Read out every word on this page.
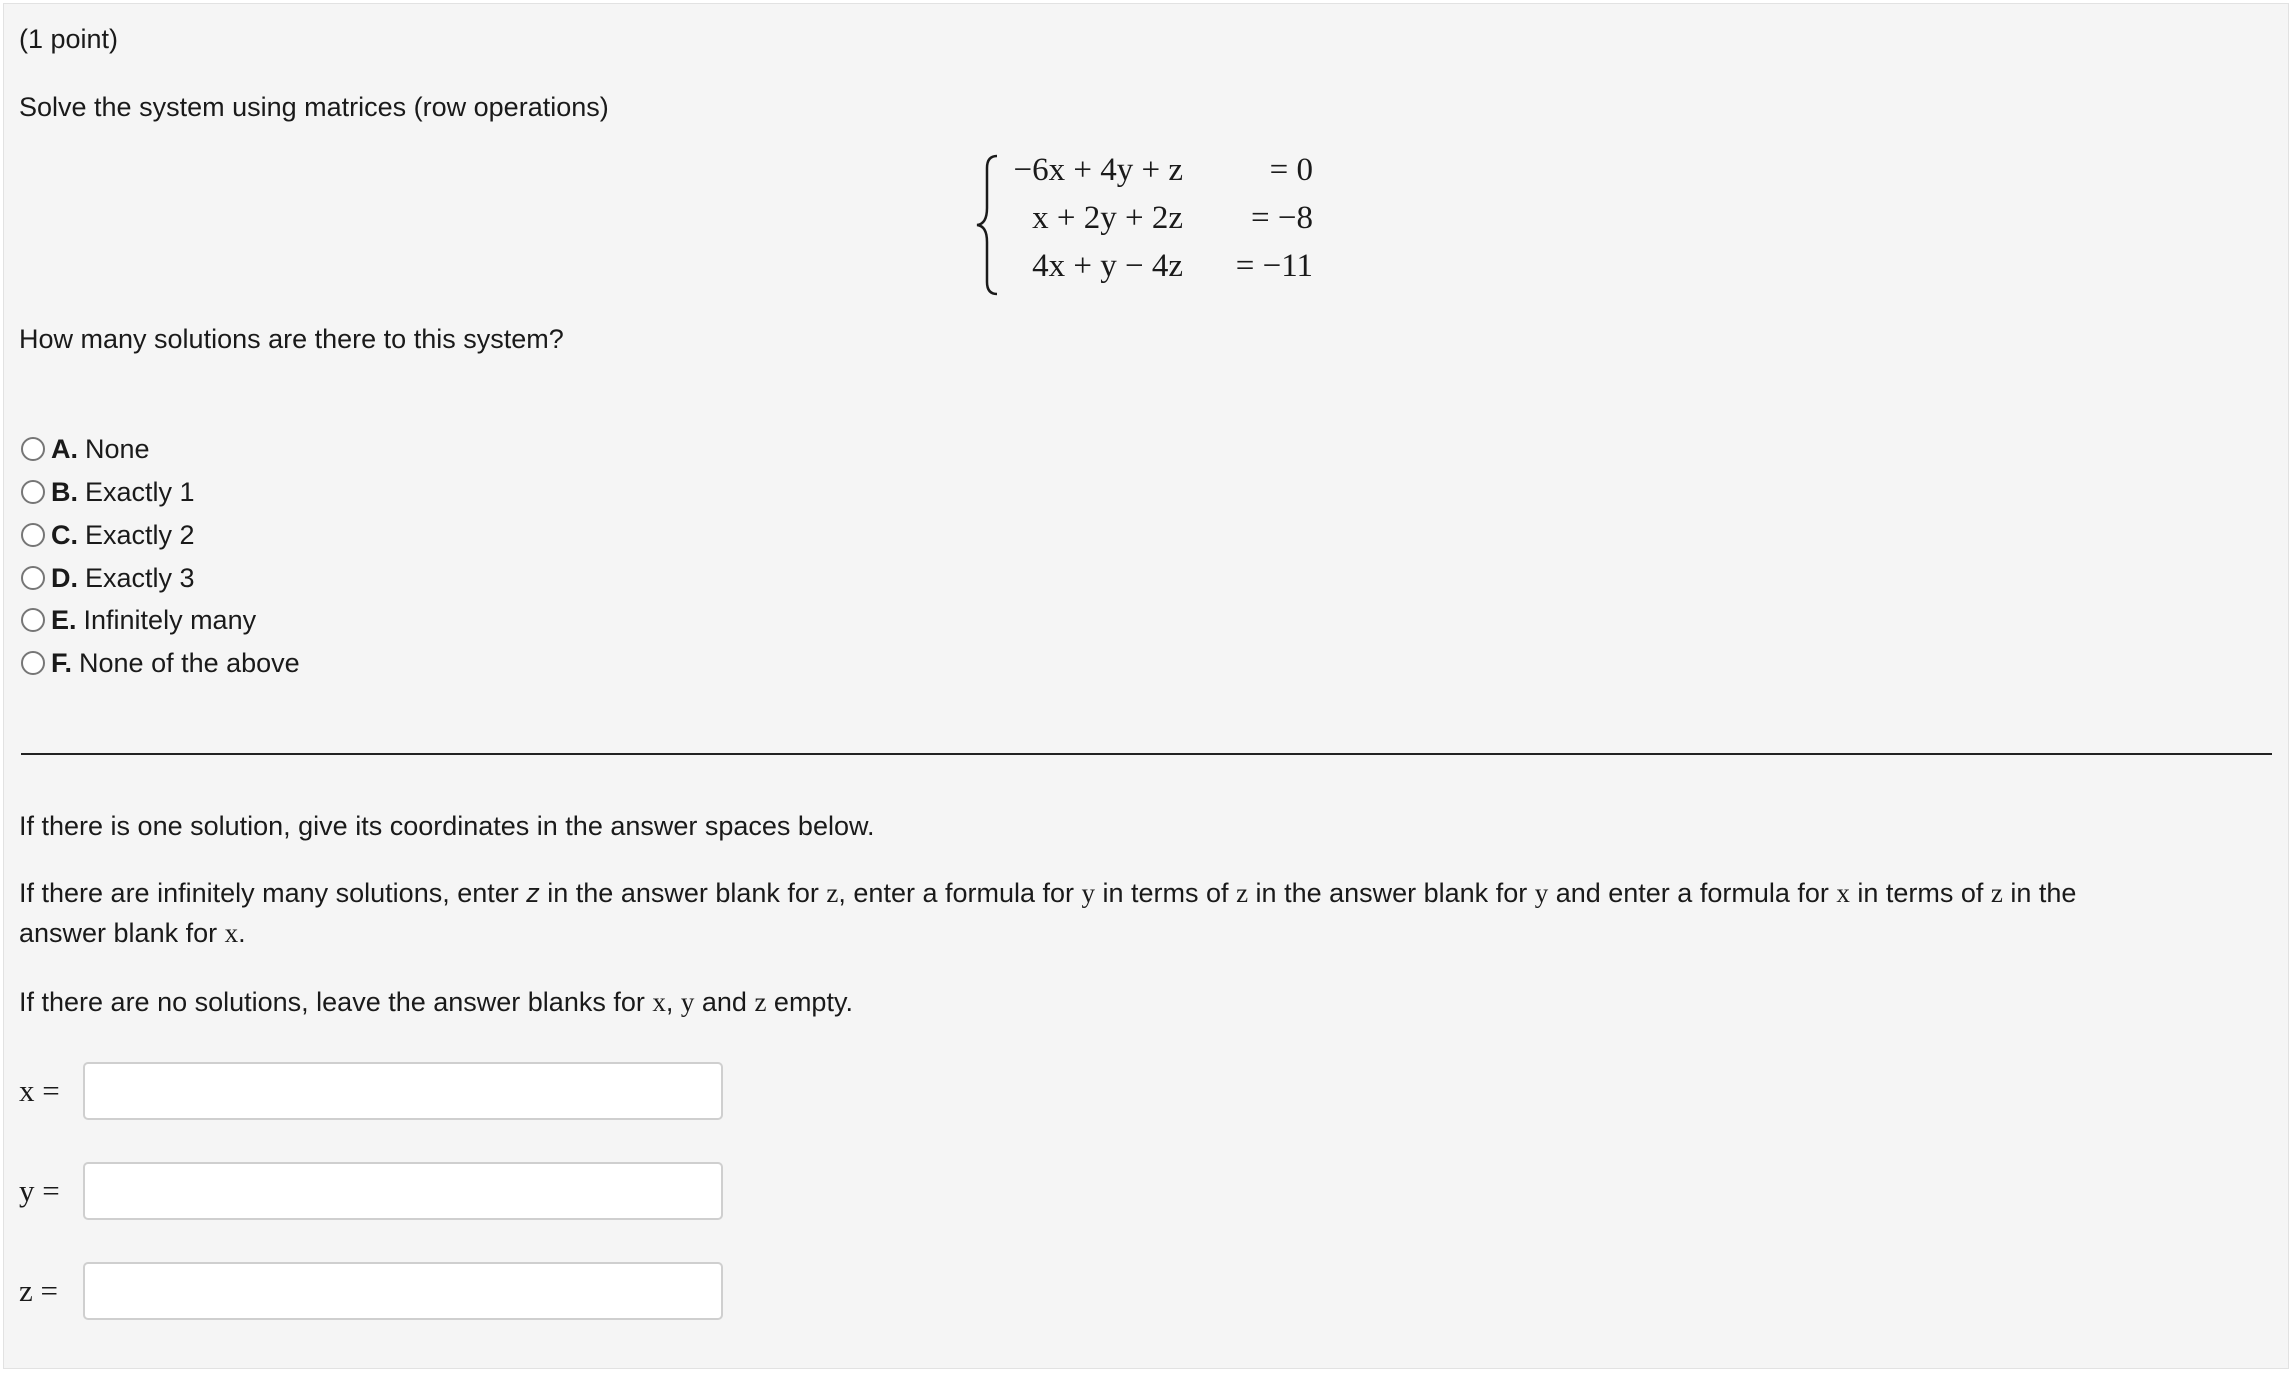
(1 point)

Solve the system using matrices (row operations)

−6x + 4y + z	= 0
x + 2y + 2z = −8
4x + y − 4z = −11

How many solutions are there to this system?

A. None
B. Exactly 1
C. Exactly 2
D. Exactly 3
E. Infinitely many
F. None of the above

If there is one solution, give its coordinates in the answer spaces below.

If there are infinitely many solutions, enter z in the answer blank for z, enter a formula for y in terms of z in the answer blank for y and enter a formula for x in terms of z in the

answer blank for x.

If there are no solutions, leave the answer blanks for x, y and z empty.

x =
y =
z =
